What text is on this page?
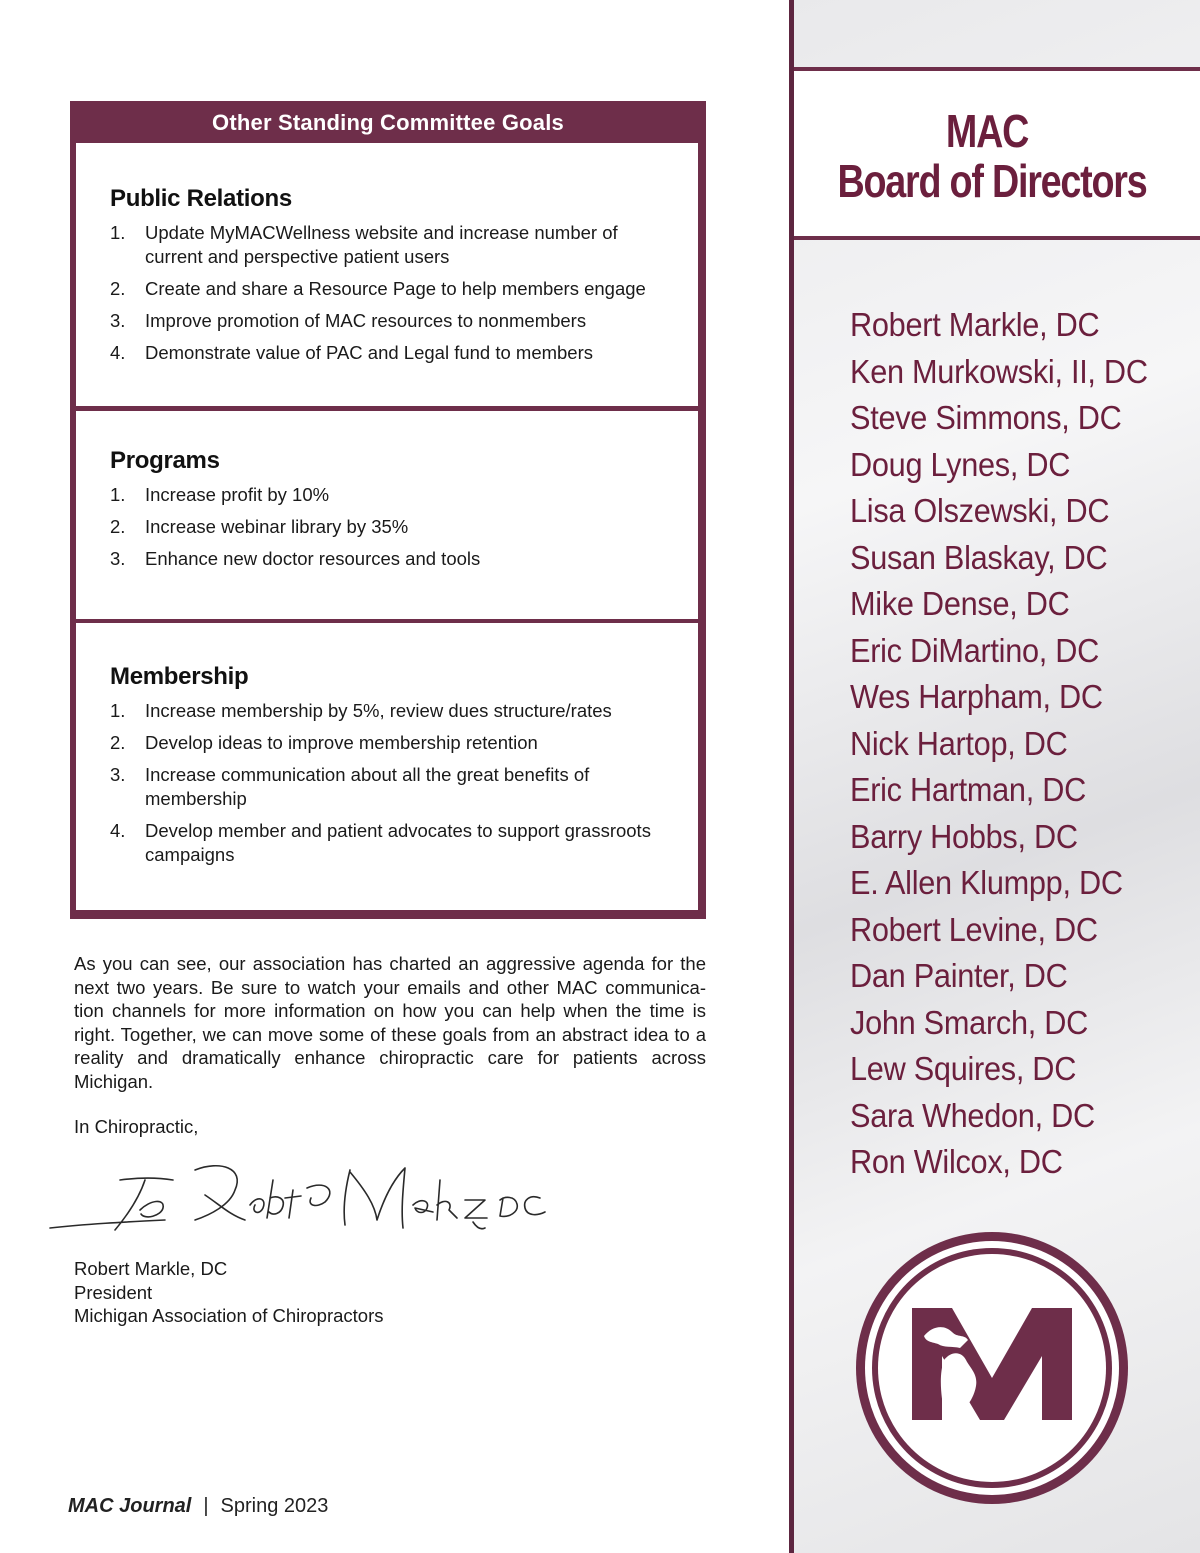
Other Standing Committee Goals
Public Relations
1. Update MyMACWellness website and increase number of current and perspective patient users
2. Create and share a Resource Page to help members engage
3. Improve promotion of MAC resources to nonmembers
4. Demonstrate value of PAC and Legal fund to members
Programs
1. Increase profit by 10%
2. Increase webinar library by 35%
3. Enhance new doctor resources and tools
Membership
1. Increase membership by 5%, review dues structure/rates
2. Develop ideas to improve membership retention
3. Increase communication about all the great benefits of membership
4. Develop member and patient advocates to support grassroots campaigns

As you can see, our association has charted an aggressive agenda for the next two years. Be sure to watch your emails and other MAC communica-tion channels for more information on how you can help when the time is right. Together, we can move some of these goals from an abstract idea to a reality and dramatically enhance chiropractic care for patients across Michigan.

In Chiropractic,

Dr Robert P Markle DC
Robert Markle, DC
President
Michigan Association of Chiropractors
MAC Journal | Spring 2023
MAC
Board of Directors
Robert Markle, DC
Ken Murkowski, II, DC
Steve Simmons, DC
Doug Lynes, DC
Lisa Olszewski, DC
Susan Blaskay, DC
Mike Dense, DC
Eric DiMartino, DC
Wes Harpham, DC
Nick Hartop, DC
Eric Hartman, DC
Barry Hobbs, DC
E. Allen Klumpp, DC
Robert Levine, DC
Dan Painter, DC
John Smarch, DC
Lew Squires, DC
Sara Whedon, DC
Ron Wilcox, DC
